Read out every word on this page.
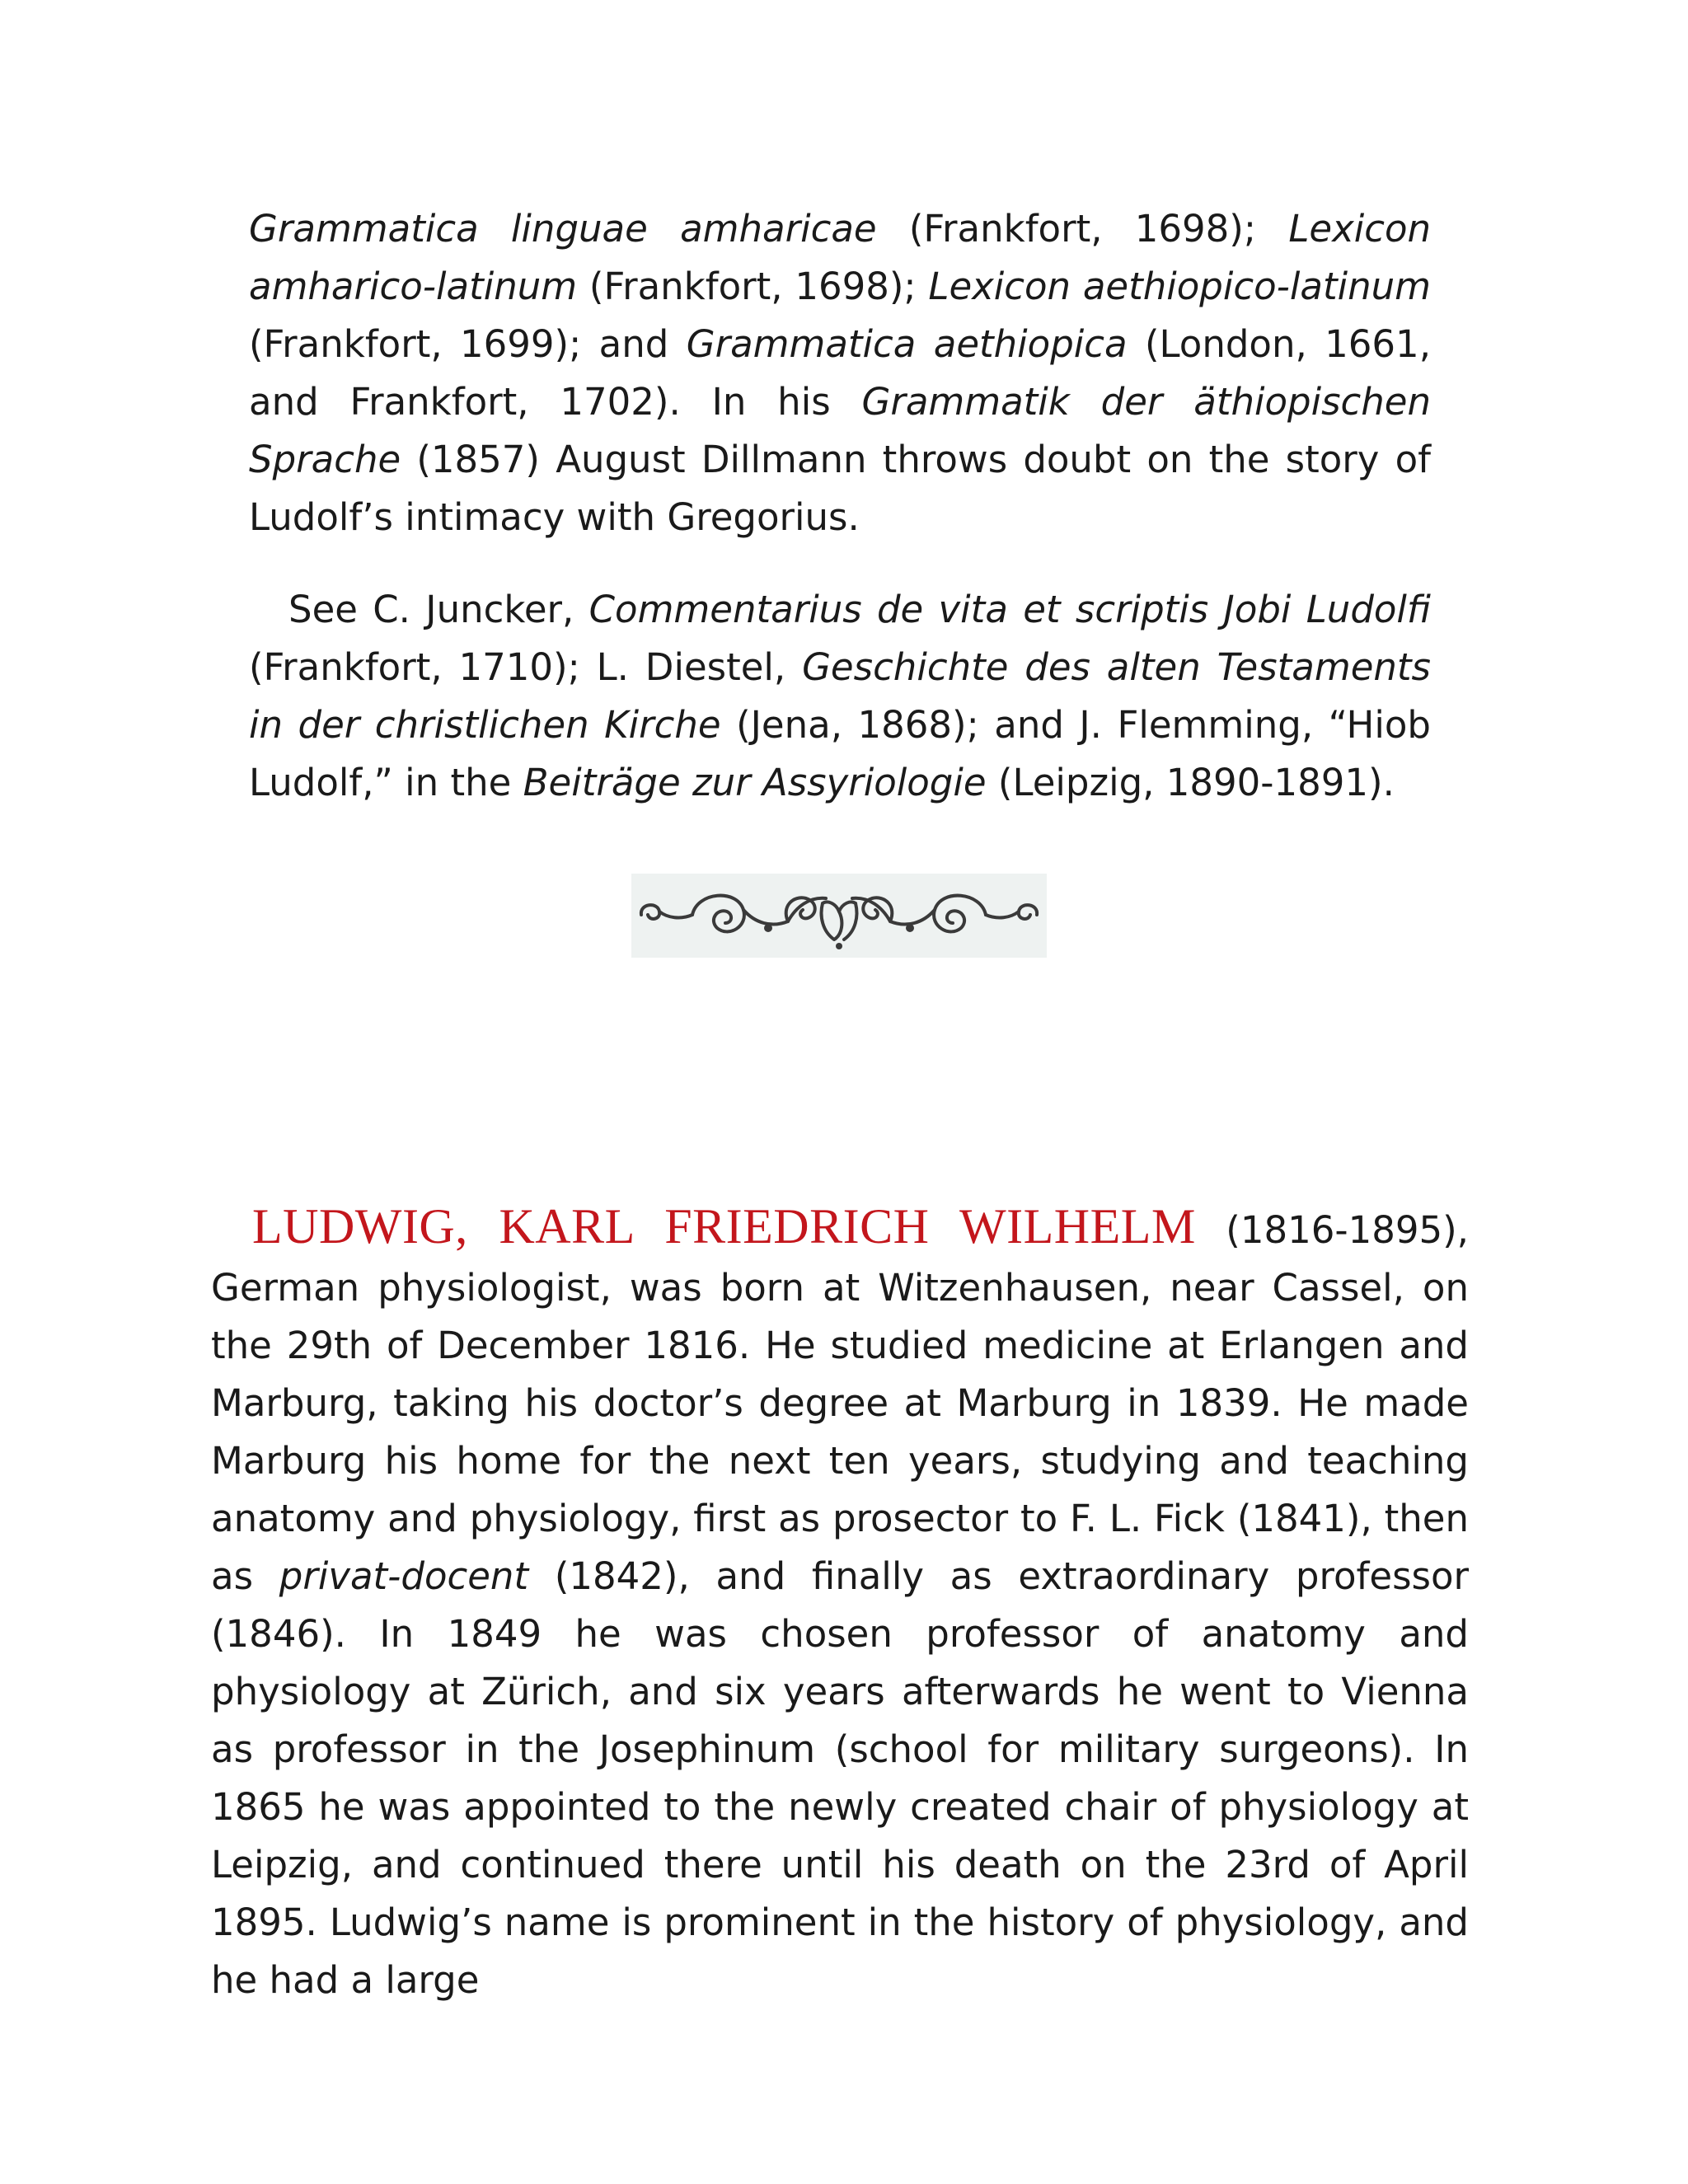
Grammatica linguae amharicae (Frankfort, 1698); Lexicon amharico-latinum (Frankfort, 1698); Lexicon aethiopico-latinum (Frankfort, 1699); and Grammatica aethiopica (London, 1661, and Frankfort, 1702). In his Grammatik der äthiopischen Sprache (1857) August Dillmann throws doubt on the story of Ludolf’s intimacy with Gregorius.

See C. Juncker, Commentarius de vita et scriptis Jobi Ludolfi (Frankfort, 1710); L. Diestel, Geschichte des alten Testaments in der christlichen Kirche (Jena, 1868); and J. Flemming, “Hiob Ludolf,” in the Beiträge zur Assyriologie (Leipzig, 1890-1891).

LUDWIG, KARL FRIEDRICH WILHELM (1816-1895), German physiologist, was born at Witzenhausen, near Cassel, on the 29th of December 1816. He studied medicine at Erlangen and Marburg, taking his doctor’s degree at Marburg in 1839. He made Marburg his home for the next ten years, studying and teaching anatomy and physiology, first as prosector to F. L. Fick (1841), then as privat-docent (1842), and finally as extraordinary professor (1846). In 1849 he was chosen professor of anatomy and physiology at Zürich, and six years afterwards he went to Vienna as professor in the Josephinum (school for military surgeons). In 1865 he was appointed to the newly created chair of physiology at Leipzig, and continued there until his death on the 23rd of April 1895. Ludwig’s name is prominent in the history of physiology, and he had a large
